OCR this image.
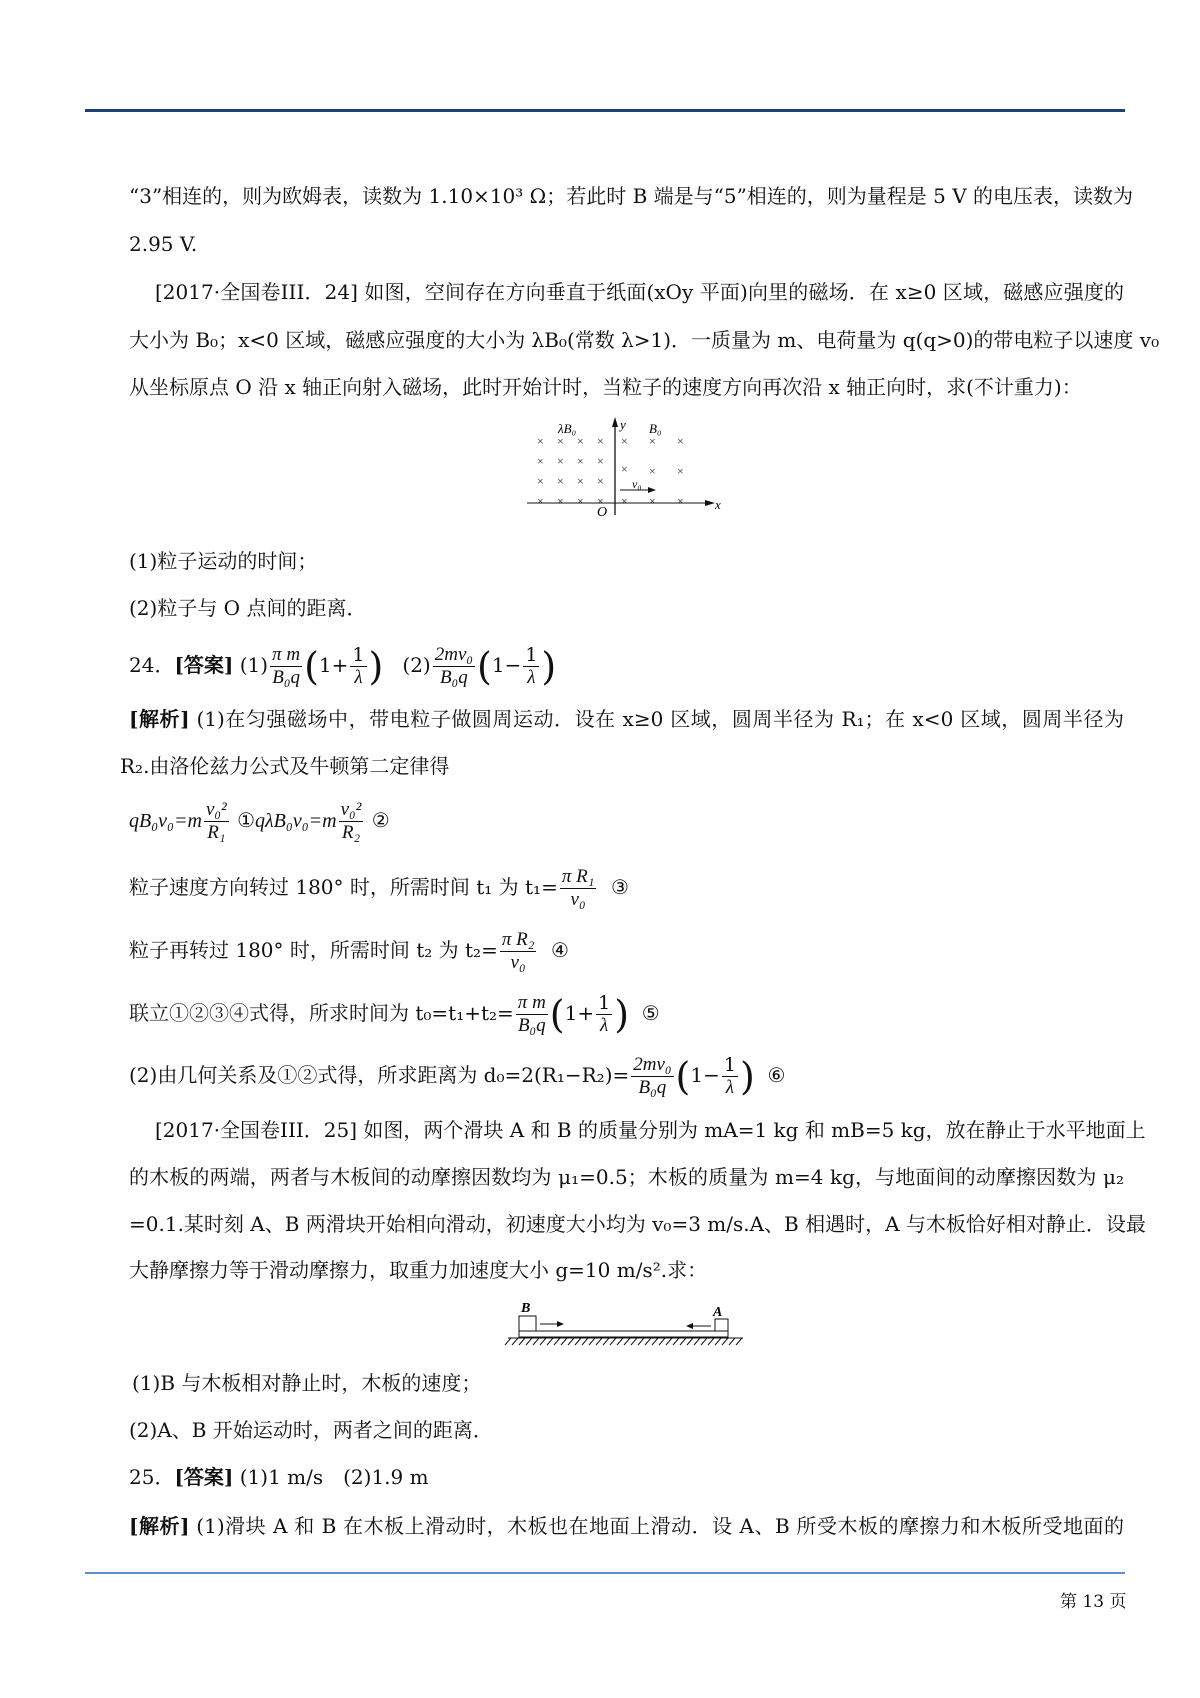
“3”相连的，则为欧姆表，读数为 1.10×10³ Ω；若此时 B 端是与“5”相连的，则为量程是 5 V 的电压表，读数为
2.95 V.
[2017·全国卷III．24] 如图，空间存在方向垂直于纸面(xOy 平面)向里的磁场．在 x≥0 区域，磁感应强度的
大小为 B₀；x<0 区域，磁感应强度的大小为 λB₀(常数 λ>1)．一质量为 m、电荷量为 q(q>0)的带电粒子以速度 v₀
从坐标原点 O 沿 x 轴正向射入磁场，此时开始计时，当粒子的速度方向再次沿 x 轴正向时，求(不计重力)：
×
×
×
×
×
×
×
×
×
×
×
×
×
×
×
×
× × ×
× × ×
× × ×
λB₀	B₀
y
x
O
v₀
(1)粒子运动的时间；
(2)粒子与 O 点间的距离．
24．[答案] $(1) \frac{\text{π m}}{\text{B₀q}} (1+ \frac{1}{\lambda}$ ) $(2) \frac{\text{2mv₀}}{\text{B₀q}} (1- \frac{1}{\lambda}$ )
[解析] (1)在匀强磁场中，带电粒子做圆周运动．设在 x≥0 区域，圆周半径为 R₁；在 x<0 区域，圆周半径为
R₂.由洛伦兹力公式及牛顿第二定律得
$qB_0v_0=m \frac{\text{v₀²}}{\text{R₁}}$ ①qλB₀v₀=m $\frac{\text{v₀²}}{\text{R₂}}$ ②
粒子速度方向转过 180° 时，所需时间 t₁ 为 $t_1= \frac{\text{π R₁}}{\text{v₀}}$ ③
粒子再转过 180° 时，所需时间 t₂ 为 $t_2= \frac{\text{π R₂}}{\text{v₀}}$ ④
联立①②③④式得，所求时间为 $t_0=t_1+t_2= \frac{\text{π m}}{\text{B₀q}} (1+ \frac{1}{\lambda}$ ) ⑤
(2)由几何关系及①②式得，所求距离为 $d_0=2(R_1-R_2)= \frac{\text{2mv₀}}{\text{B₀q}} (1- \frac{1}{\lambda}$ ) ⑥
[2017·全国卷III．25] 如图，两个滑块 A 和 B 的质量分别为 mA=1 kg 和 mB=5 kg，放在静止于水平地面上
的木板的两端，两者与木板间的动摩擦因数均为 μ₁=0.5；木板的质量为 m=4 kg，与地面间的动摩擦因数为 μ₂
=0.1.某时刻 A、B 两滑块开始相向滑动，初速度大小均为 v₀=3 m/s.A、B 相遇时，A 与木板恰好相对静止．设最
大静摩擦力等于滑动摩擦力，取重力加速度大小 g=10 m/s².求：
B	A
(1)B 与木板相对静止时，木板的速度；
(2)A、B 开始运动时，两者之间的距离．
25．[答案] (1)1 m/s　(2)1.9 m
[解析] (1)滑块 A 和 B 在木板上滑动时，木板也在地面上滑动．设 A、B 所受木板的摩擦力和木板所受地面的
第 13 页
